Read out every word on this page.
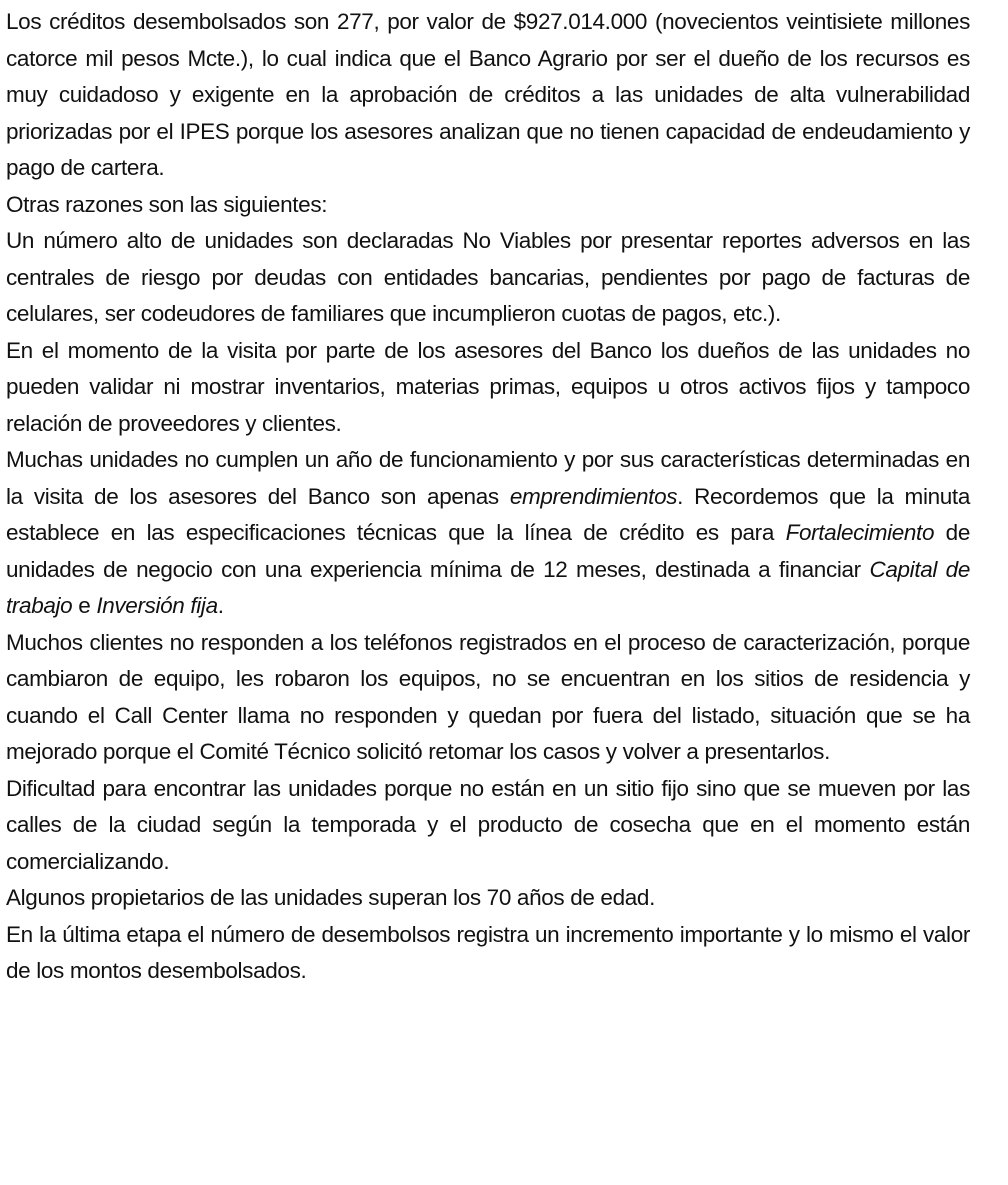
Los créditos desembolsados son 277, por valor de $927.014.000 (novecientos veintisiete millones catorce mil pesos Mcte.), lo cual indica que el Banco Agrario por ser el dueño de los recursos es muy cuidadoso y exigente en la aprobación de créditos a las unidades de alta vulnerabilidad priorizadas por el IPES porque los asesores analizan que no tienen capacidad de endeudamiento y pago de cartera.

Otras razones son las siguientes:

Un número alto de unidades son declaradas No Viables por presentar reportes adversos en las centrales de riesgo por deudas con entidades bancarias, pendientes por pago de facturas de celulares, ser codeudores de familiares que incumplieron cuotas de pagos, etc.).

En el momento de la visita por parte de los asesores del Banco los dueños de las unidades no pueden validar ni mostrar inventarios, materias primas, equipos u otros activos fijos y tampoco relación de proveedores y clientes.

Muchas unidades no cumplen un año de funcionamiento y por sus características determinadas en la visita de los asesores del Banco son apenas emprendimientos. Recordemos que la minuta establece en las especificaciones técnicas que la línea de crédito es para Fortalecimiento de unidades de negocio con una experiencia mínima de 12 meses, destinada a financiar Capital de trabajo e Inversión fija.

Muchos clientes no responden a los teléfonos registrados en el proceso de caracterización, porque cambiaron de equipo, les robaron los equipos, no se encuentran en los sitios de residencia y cuando el Call Center llama no responden y quedan por fuera del listado, situación que se ha mejorado porque el Comité Técnico solicitó retomar los casos y volver a presentarlos.

Dificultad para encontrar las unidades porque no están en un sitio fijo sino que se mueven por las calles de la ciudad según la temporada y el producto de cosecha que en el momento están comercializando.

Algunos propietarios de las unidades superan los 70 años de edad.

En la última etapa el número de desembolsos registra un incremento importante y lo mismo el valor de los montos desembolsados.
